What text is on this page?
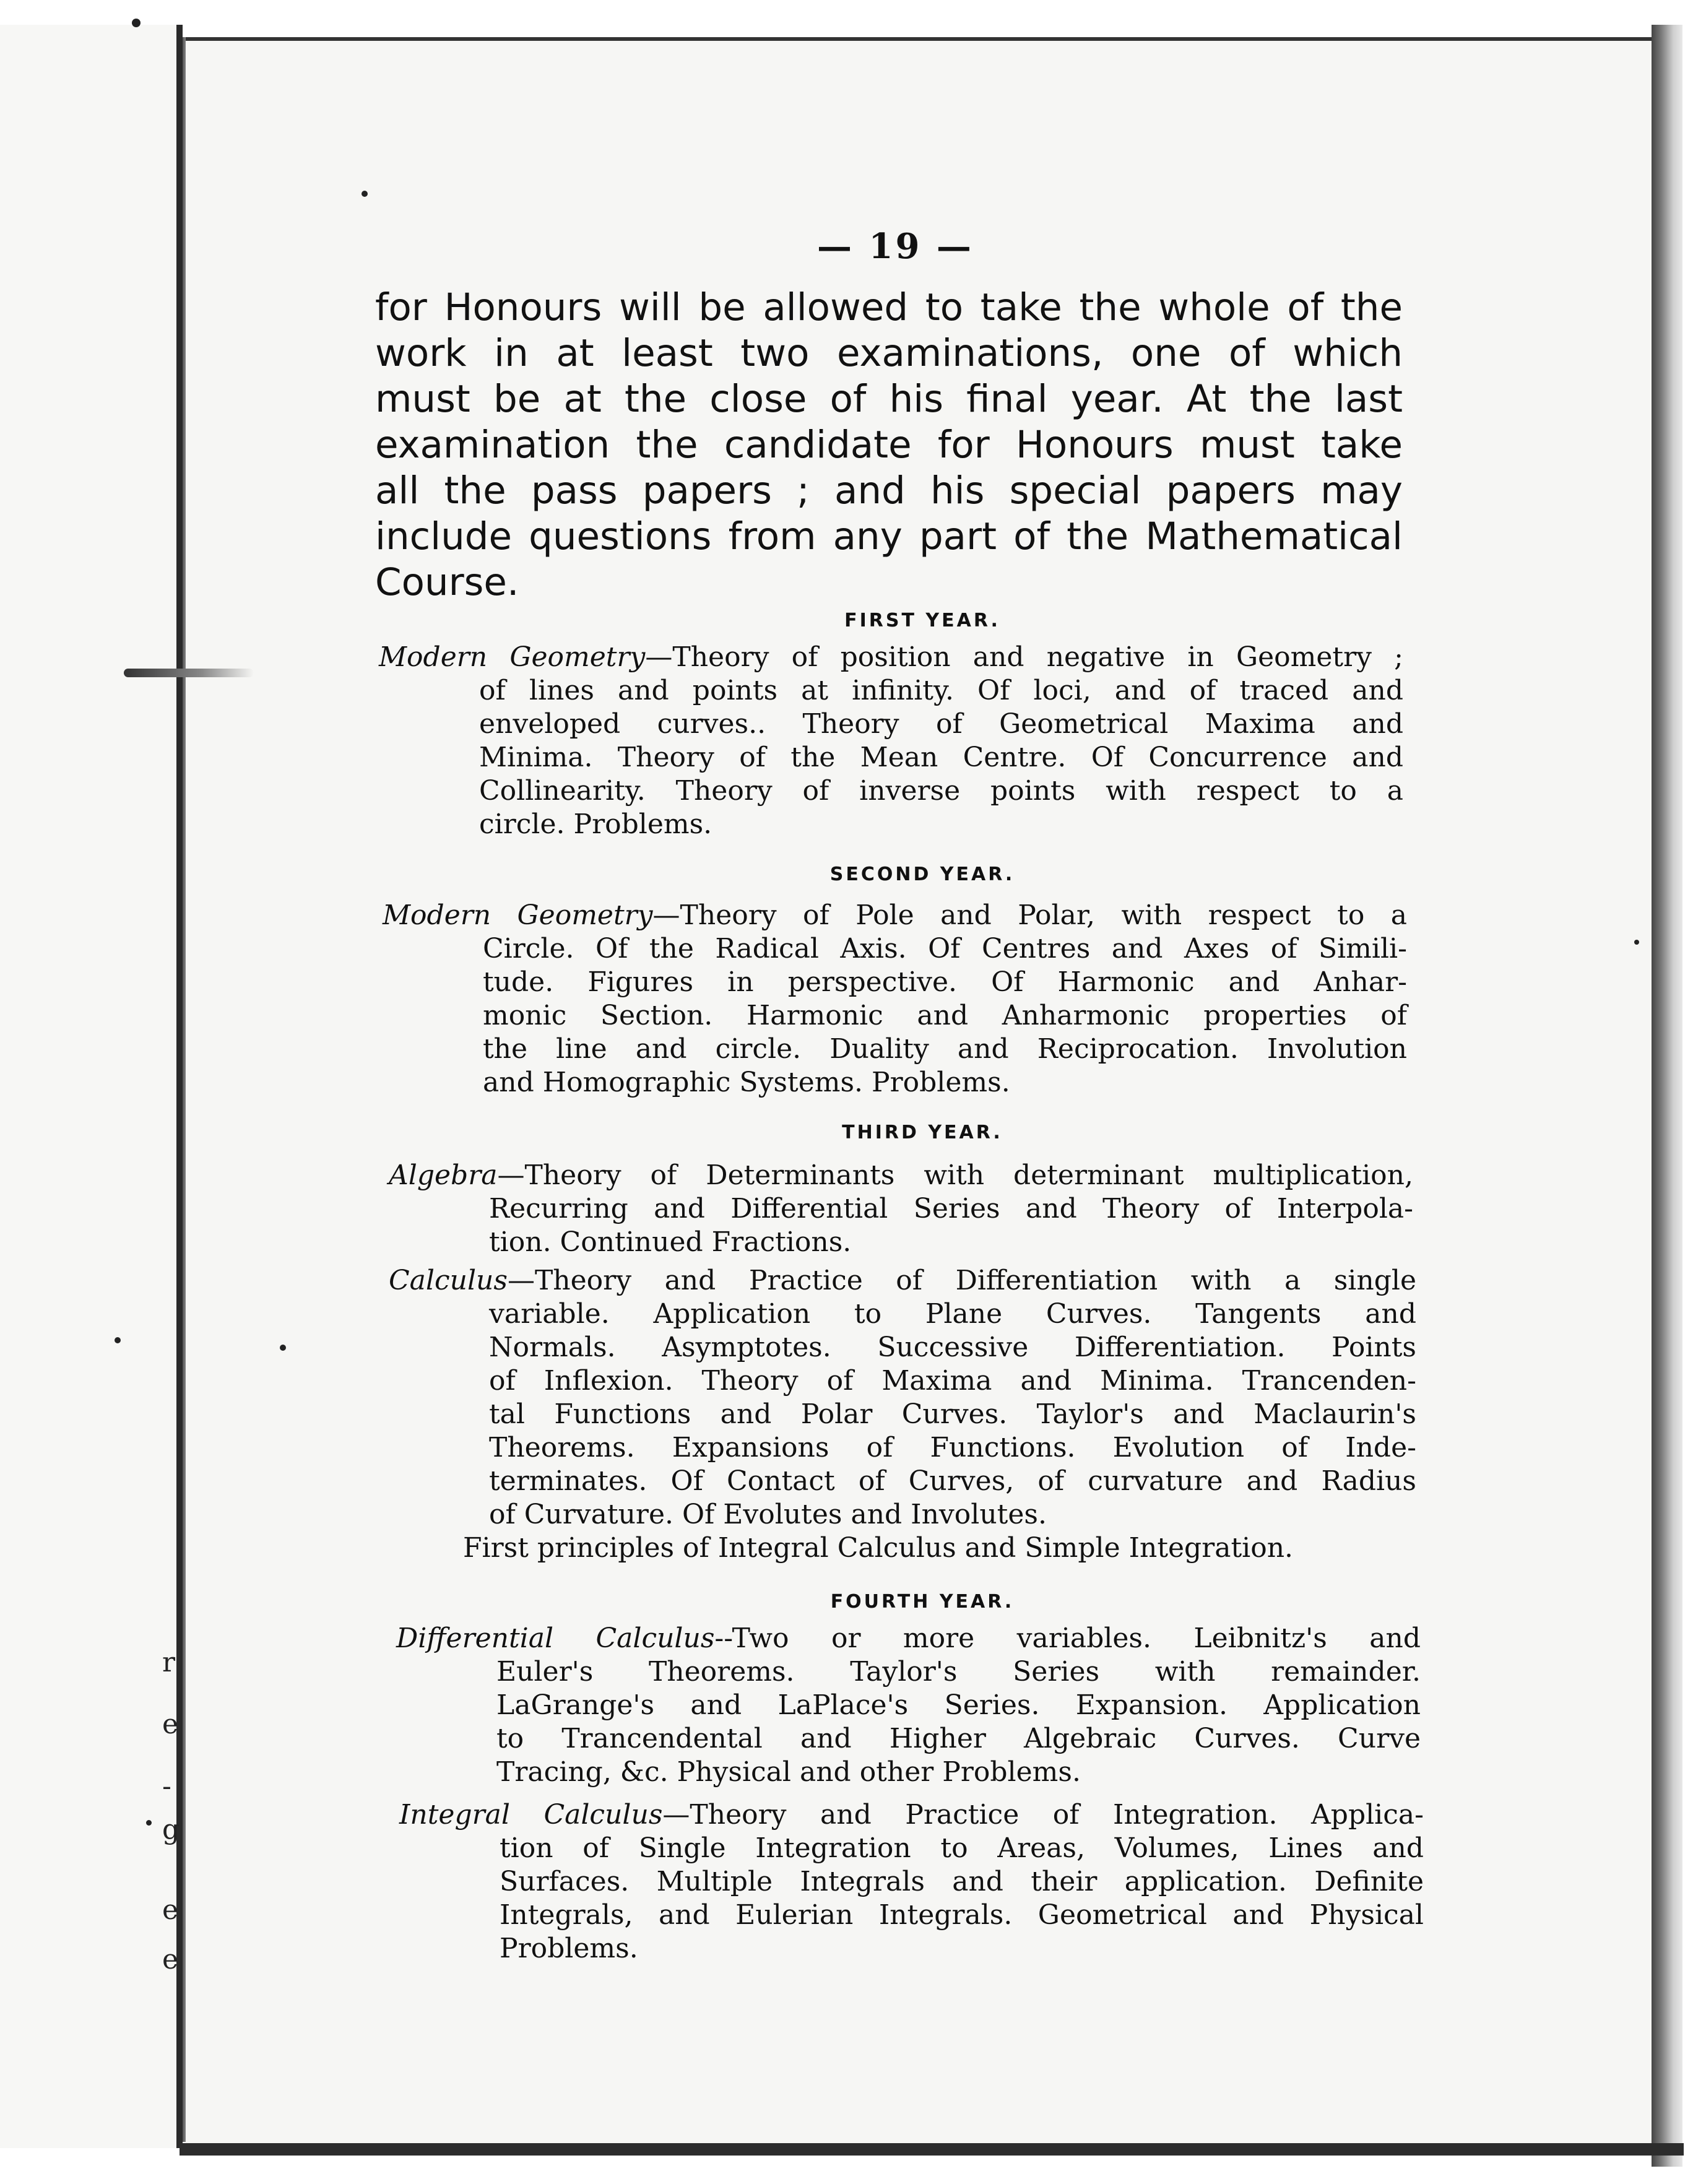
r
e
-
g
e
e
— 19 —
for Honours will be allowed to take the whole of the
work in at least two examinations, one of which
must be at the close of his final year. At the last
examination the candidate for Honours must take
all the pass papers ; and his special papers may
include questions from any part of the Mathematical
Course.
FIRST YEAR.
Modern Geometry—Theory of position and negative in Geometry ;
of lines and points at infinity. Of loci, and of traced and
enveloped curves.. Theory of Geometrical Maxima and
Minima. Theory of the Mean Centre. Of Concurrence and
Collinearity. Theory of inverse points with respect to a
circle. Problems.
SECOND YEAR.
Modern Geometry—Theory of Pole and Polar, with respect to a
Circle. Of the Radical Axis. Of Centres and Axes of Simili-
tude. Figures in perspective. Of Harmonic and Anhar-
monic Section. Harmonic and Anharmonic properties of
the line and circle. Duality and Reciprocation. Involution
and Homographic Systems. Problems.
THIRD YEAR.
Algebra—Theory of Determinants with determinant multiplication,
Recurring and Differential Series and Theory of Interpola-
tion. Continued Fractions.
Calculus—Theory and Practice of Differentiation with a single
variable. Application to Plane Curves. Tangents and
Normals. Asymptotes. Successive Differentiation. Points
of Inflexion. Theory of Maxima and Minima. Trancenden-
tal Functions and Polar Curves. Taylor's and Maclaurin's
Theorems. Expansions of Functions. Evolution of Inde-
terminates. Of Contact of Curves, of curvature and Radius
of Curvature. Of Evolutes and Involutes.
First principles of Integral Calculus and Simple Integration.
FOURTH YEAR.
Differential Calculus--Two or more variables. Leibnitz's and
Euler's Theorems. Taylor's Series with remainder.
LaGrange's and LaPlace's Series. Expansion. Application
to Trancendental and Higher Algebraic Curves. Curve
Tracing, &c. Physical and other Problems.
Integral Calculus—Theory and Practice of Integration. Applica-
tion of Single Integration to Areas, Volumes, Lines and
Surfaces. Multiple Integrals and their application. Definite
Integrals, and Eulerian Integrals. Geometrical and Physical
Problems.
